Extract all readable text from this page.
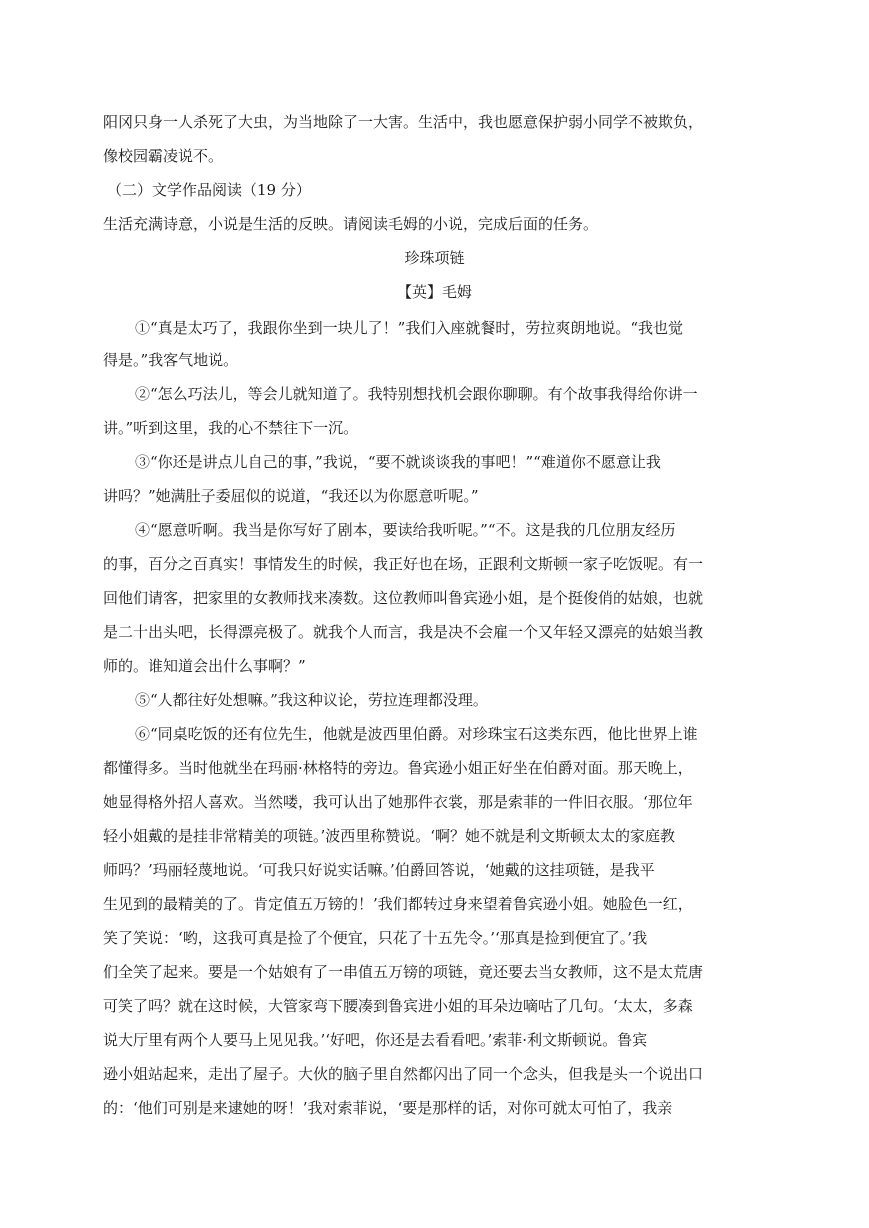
阳冈只身一人杀死了大虫，为当地除了一大害。生活中，我也愿意保护弱小同学不被欺负，
像校园霸凌说不。
（二）文学作品阅读（19 分）
生活充满诗意，小说是生活的反映。请阅读毛姆的小说，完成后面的任务。
珍珠项链
【英】毛姆
①“真是太巧了，我跟你坐到一块儿了！”我们入座就餐时，劳拉爽朗地说。“我也觉
得是。”我客气地说。
②“怎么巧法儿，等会儿就知道了。我特别想找机会跟你聊聊。有个故事我得给你讲一
讲。”听到这里，我的心不禁往下一沉。
③“你还是讲点儿自己的事，”我说，“要不就谈谈我的事吧！”“难道你不愿意让我
讲吗？”她满肚子委屈似的说道，“我还以为你愿意听呢。”
④“愿意听啊。我当是你写好了剧本，要读给我听呢。”“不。这是我的几位朋友经历
的事，百分之百真实！事情发生的时候，我正好也在场，正跟利文斯顿一家子吃饭呢。有一
回他们请客，把家里的女教师找来凑数。这位教师叫鲁宾逊小姐，是个挺俊俏的姑娘，也就
是二十出头吧，长得漂亮极了。就我个人而言，我是决不会雇一个又年轻又漂亮的姑娘当教
师的。谁知道会出什么事啊？”
⑤“人都往好处想嘛。”我这种议论，劳拉连理都没理。
⑥“同桌吃饭的还有位先生，他就是波西里伯爵。对珍珠宝石这类东西，他比世界上谁
都懂得多。当时他就坐在玛丽·林格特的旁边。鲁宾逊小姐正好坐在伯爵对面。那天晚上，
她显得格外招人喜欢。当然喽，我可认出了她那件衣裳，那是索菲的一件旧衣服。‘那位年
轻小姐戴的是挂非常精美的项链。’波西里称赞说。‘啊？她不就是利文斯顿太太的家庭教
师吗？’玛丽轻蔑地说。‘可我只好说实话嘛。’伯爵回答说，‘她戴的这挂项链，是我平
生见到的最精美的了。肯定值五万镑的！’我们都转过身来望着鲁宾逊小姐。她脸色一红，
笑了笑说：‘哟，这我可真是捡了个便宜，只花了十五先令。’‘那真是捡到便宜了。’我
们全笑了起来。要是一个姑娘有了一串值五万镑的项链，竟还要去当女教师，这不是太荒唐
可笑了吗？就在这时候，大管家弯下腰凑到鲁宾进小姐的耳朵边嘀咕了几句。‘太太，多森
说大厅里有两个人要马上见见我。’‘好吧，你还是去看看吧。’索菲·利文斯顿说。鲁宾
逊小姐站起来，走出了屋子。大伙的脑子里自然都闪出了同一个念头，但我是头一个说出口
的：‘他们可别是来逮她的呀！’我对索菲说，‘要是那样的话，对你可就太可怕了，我亲
